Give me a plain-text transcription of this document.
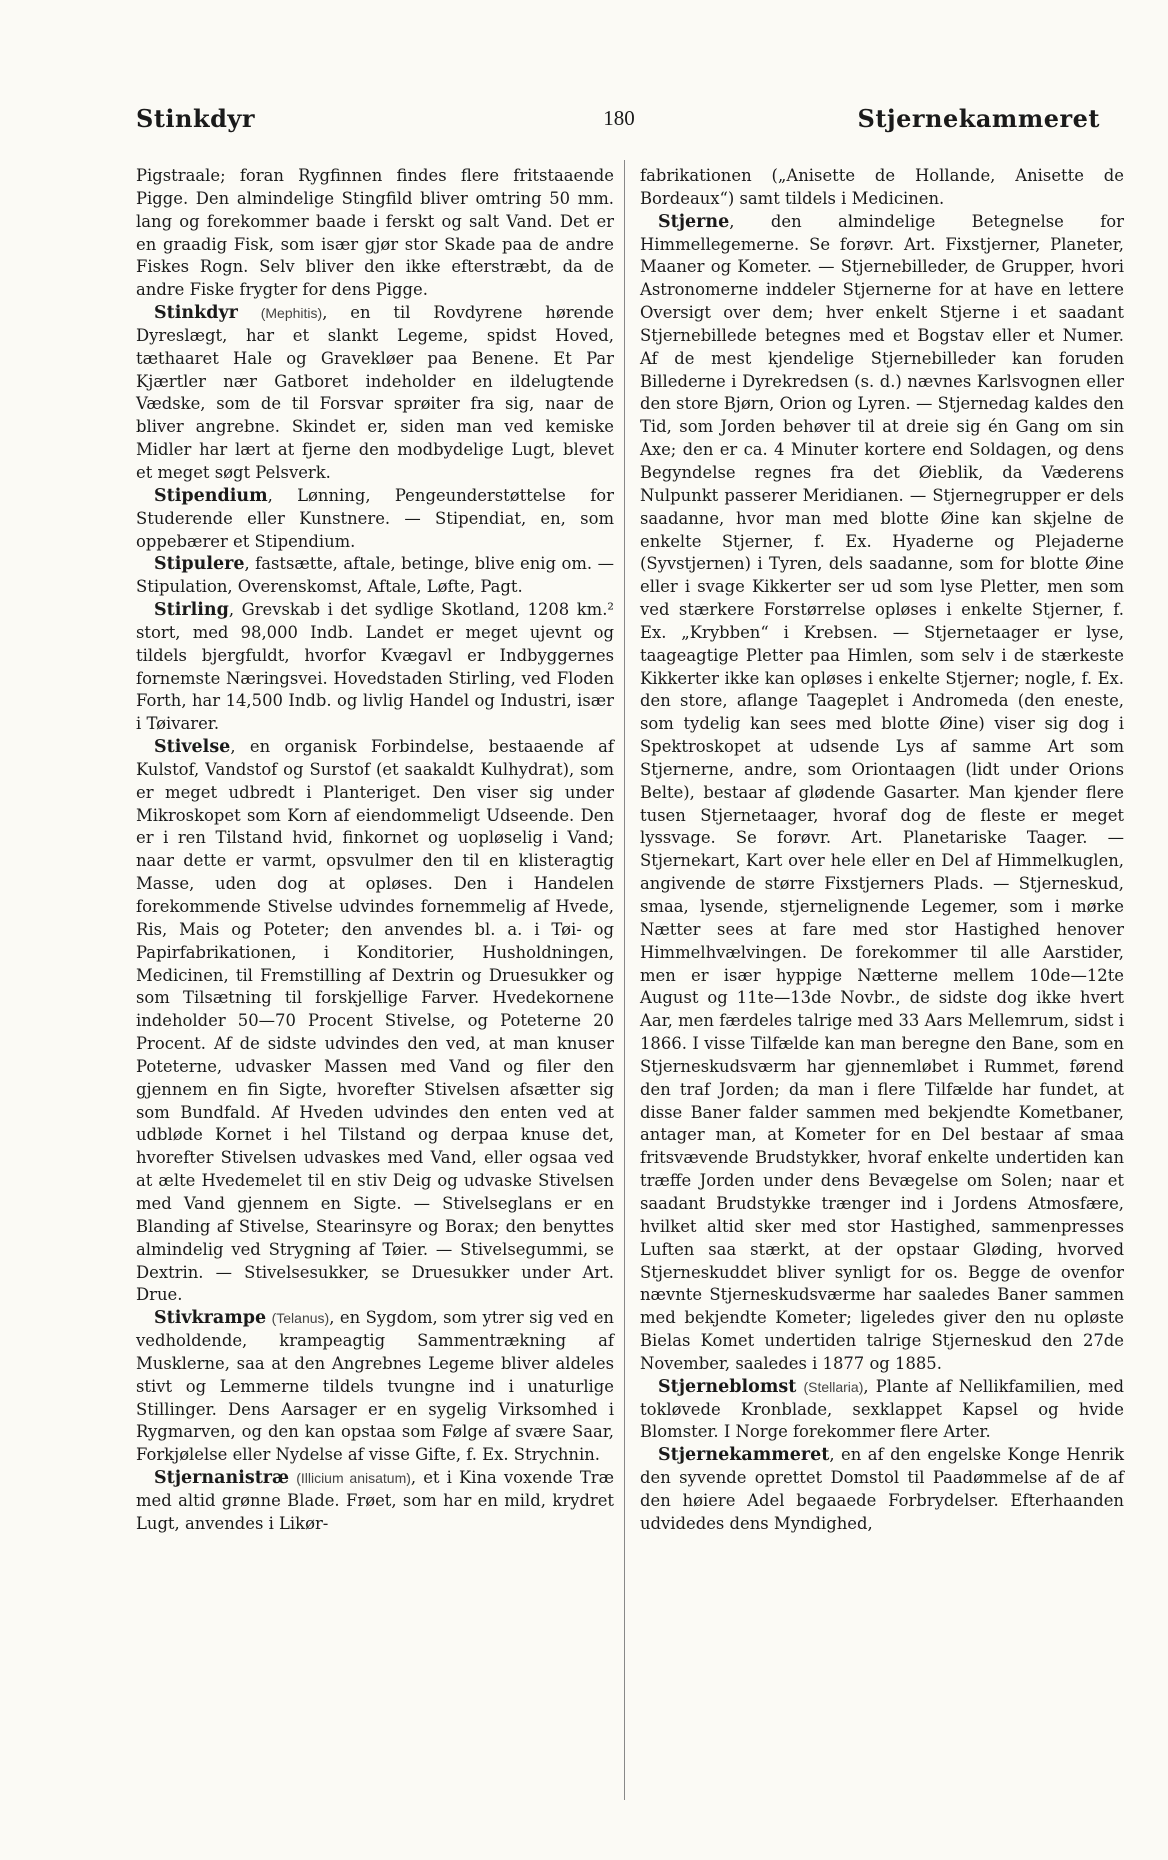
Stinkdyr	180	Stjernekammeret

Pigstraale; foran Rygfinnen findes flere fritstaaende Pigge. Den almindelige Stingfild bliver omtring 50 mm. lang og forekommer baade i ferskt og salt Vand. Det er en graadig Fisk, som især gjør stor Skade paa de andre Fiskes Rogn. Selv bliver den ikke efterstræbt, da de andre Fiske frygter for dens Pigge.

Stinkdyr (Mephitis), en til Rovdyrene hørende Dyreslægt, har et slankt Legeme, spidst Hoved, tæthaaret Hale og Gravekløer paa Benene. Et Par Kjærtler nær Gatboret indeholder en ildelugtende Vædske, som de til Forsvar sprøiter fra sig, naar de bliver angrebne. Skindet er, siden man ved kemiske Midler har lært at fjerne den modbydelige Lugt, blevet et meget søgt Pelsverk.

Stipendium, Lønning, Pengeunderstøttelse for Studerende eller Kunstnere. — Stipendiat, en, som oppebærer et Stipendium.

Stipulere, fastsætte, aftale, betinge, blive enig om. — Stipulation, Overenskomst, Aftale, Løfte, Pagt.

Stirling, Grevskab i det sydlige Skotland, 1208 km.² stort, med 98,000 Indb. Landet er meget ujevnt og tildels bjergfuldt, hvorfor Kvægavl er Indbyggernes fornemste Næringsvei. Hovedstaden Stirling, ved Floden Forth, har 14,500 Indb. og livlig Handel og Industri, især i Tøivarer.

Stivelse, en organisk Forbindelse, bestaaende af Kulstof, Vandstof og Surstof (et saakaldt Kulhydrat), som er meget udbredt i Planteriget. Den viser sig under Mikroskopet som Korn af eiendommeligt Udseende. Den er i ren Tilstand hvid, finkornet og uopløselig i Vand; naar dette er varmt, opsvulmer den til en klisteragtig Masse, uden dog at opløses. Den i Handelen forekommende Stivelse udvindes fornemmelig af Hvede, Ris, Mais og Poteter; den anvendes bl. a. i Tøi- og Papirfabrikationen, i Konditorier, Husholdningen, Medicinen, til Fremstilling af Dextrin og Druesukker og som Tilsætning til forskjellige Farver. Hvedekornene indeholder 50—70 Procent Stivelse, og Poteterne 20 Procent. Af de sidste udvindes den ved, at man knuser Poteterne, udvasker Massen med Vand og filer den gjennem en fin Sigte, hvorefter Stivelsen afsætter sig som Bundfald. Af Hveden udvindes den enten ved at udbløde Kornet i hel Tilstand og derpaa knuse det, hvorefter Stivelsen udvaskes med Vand, eller ogsaa ved at ælte Hvedemelet til en stiv Deig og udvaske Stivelsen med Vand gjennem en Sigte. — Stivelseglans er en Blanding af Stivelse, Stearinsyre og Borax; den benyttes almindelig ved Strygning af Tøier. — Stivelsegummi, se Dextrin. — Stivelsesukker, se Druesukker under Art. Drue.

Stivkrampe (Telanus), en Sygdom, som ytrer sig ved en vedholdende, krampeagtig Sammentrækning af Musklerne, saa at den Angrebnes Legeme bliver aldeles stivt og Lemmerne tildels tvungne ind i unaturlige Stillinger. Dens Aarsager er en sygelig Virksomhed i Rygmarven, og den kan opstaa som Følge af svære Saar, Forkjølelse eller Nydelse af visse Gifte, f. Ex. Strychnin.

Stjernanistræ (Illicium anisatum), et i Kina voxende Træ med altid grønne Blade. Frøet, som har en mild, krydret Lugt, anvendes i Likør-

fabrikationen („Anisette de Hollande, Anisette de Bordeaux“) samt tildels i Medicinen.

Stjerne, den almindelige Betegnelse for Himmellegemerne. Se forøvr. Art. Fixstjerner, Planeter, Maaner og Kometer. — Stjernebilleder, de Grupper, hvori Astronomerne inddeler Stjernerne for at have en lettere Oversigt over dem; hver enkelt Stjerne i et saadant Stjernebillede betegnes med et Bogstav eller et Numer. Af de mest kjendelige Stjernebilleder kan foruden Billederne i Dyrekredsen (s. d.) nævnes Karlsvognen eller den store Bjørn, Orion og Lyren. — Stjernedag kaldes den Tid, som Jorden behøver til at dreie sig én Gang om sin Axe; den er ca. 4 Minuter kortere end Soldagen, og dens Begyndelse regnes fra det Øieblik, da Væderens Nulpunkt passerer Meridianen. — Stjernegrupper er dels saadanne, hvor man med blotte Øine kan skjelne de enkelte Stjerner, f. Ex. Hyaderne og Plejaderne (Syvstjernen) i Tyren, dels saadanne, som for blotte Øine eller i svage Kikkerter ser ud som lyse Pletter, men som ved stærkere Forstørrelse opløses i enkelte Stjerner, f. Ex. „Krybben“ i Krebsen. — Stjernetaager er lyse, taageagtige Pletter paa Himlen, som selv i de stærkeste Kikkerter ikke kan opløses i enkelte Stjerner; nogle, f. Ex. den store, aflange Taageplet i Andromeda (den eneste, som tydelig kan sees med blotte Øine) viser sig dog i Spektroskopet at udsende Lys af samme Art som Stjernerne, andre, som Oriontaagen (lidt under Orions Belte), bestaar af glødende Gasarter. Man kjender flere tusen Stjernetaager, hvoraf dog de fleste er meget lyssvage. Se forøvr. Art. Planetariske Taager. — Stjernekart, Kart over hele eller en Del af Himmelkuglen, angivende de større Fixstjerners Plads. — Stjerneskud, smaa, lysende, stjernelignende Legemer, som i mørke Nætter sees at fare med stor Hastighed henover Himmelhvælvingen. De forekommer til alle Aarstider, men er især hyppige Nætterne mellem 10de—12te August og 11te—13de Novbr., de sidste dog ikke hvert Aar, men færdeles talrige med 33 Aars Mellemrum, sidst i 1866. I visse Tilfælde kan man beregne den Bane, som en Stjerneskudsværm har gjennemløbet i Rummet, førend den traf Jorden; da man i flere Tilfælde har fundet, at disse Baner falder sammen med bekjendte Kometbaner, antager man, at Kometer for en Del bestaar af smaa fritsvævende Brudstykker, hvoraf enkelte undertiden kan træffe Jorden under dens Bevægelse om Solen; naar et saadant Brudstykke trænger ind i Jordens Atmosfære, hvilket altid sker med stor Hastighed, sammenpresses Luften saa stærkt, at der opstaar Gløding, hvorved Stjerneskuddet bliver synligt for os. Begge de ovenfor nævnte Stjerneskudsværme har saaledes Baner sammen med bekjendte Kometer; ligeledes giver den nu opløste Bielas Komet undertiden talrige Stjerneskud den 27de November, saaledes i 1877 og 1885.

Stjerneblomst (Stellaria), Plante af Nellikfamilien, med tokløvede Kronblade, sexklappet Kapsel og hvide Blomster. I Norge forekommer flere Arter.

Stjernekammeret, en af den engelske Konge Henrik den syvende oprettet Domstol til Paadømmelse af de af den høiere Adel begaaede Forbrydelser. Efterhaanden udvidedes dens Myndighed,
